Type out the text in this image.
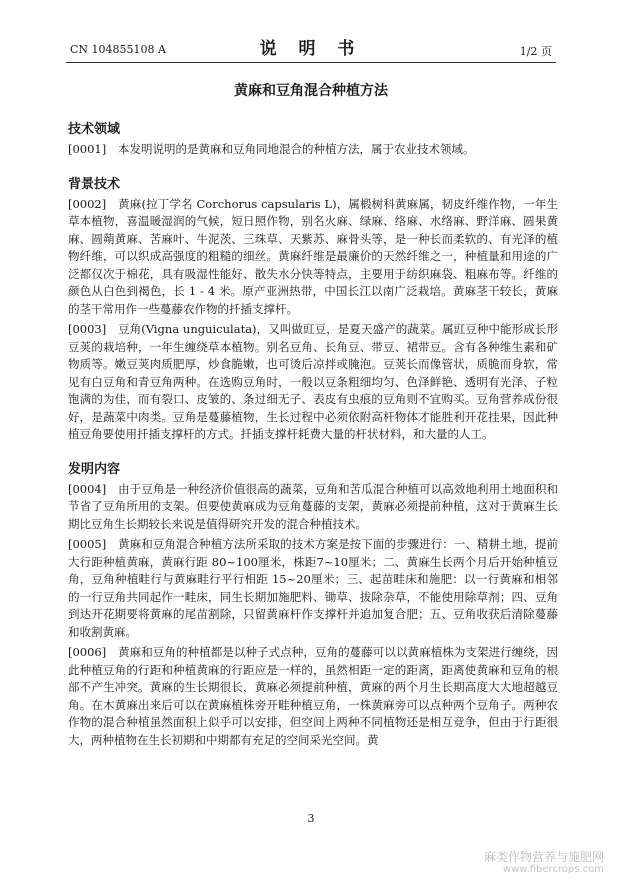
CN 104855108 A	说 明 书	1/2 页
黄麻和豆角混合种植方法
技术领域

[0001] 本发明说明的是黄麻和豆角同地混合的种植方法，属于农业技术领域。

背景技术

[0002] 黄麻(拉丁学名 Corchorus capsularis L)，属椴树科黄麻属，韧皮纤维作物，一年生草本植物，喜温暖湿润的气候，短日照作物，别名火麻、绿麻、络麻、水络麻、野洋麻、圆果黄麻、圆蒴黄麻、苦麻叶、牛泥茨、三珠草、天紫苏、麻骨头等，是一种长而柔软的、有光泽的植物纤维，可以织成高强度的粗糙的细丝。黄麻纤维是最廉价的天然纤维之一，种植量和用途的广泛都仅次于棉花，具有吸湿性能好、散失水分快等特点，主要用于纺织麻袋、粗麻布等。纤维的颜色从白色到褐色，长 1 - 4 米。原产亚洲热带，中国长江以南广泛栽培。黄麻茎干较长，黄麻的茎干常用作一些蔓藤农作物的扦插支撑杆。

[0003] 豆角(Vigna unguiculata)，又叫做豇豆，是夏天盛产的蔬菜。属豇豆种中能形成长形豆荚的栽培种，一年生缠绕草本植物。别名豆角、长角豆、带豆、裙带豆。含有各种维生素和矿物质等。嫩豆荚肉质肥厚，炒食脆嫩，也可烫后凉拌或腌泡。豆荚长而像管状，质脆而身软，常见有白豆角和青豆角两种。在选购豆角时，一般以豆条粗细均匀、色泽鲜艳、透明有光泽、子粒饱满的为佳，而有裂口、皮皱的、条过细无子、表皮有虫痕的豆角则不宜购买。豆角营养成份很好，是蔬菜中肉类。豆角是蔓藤植物，生长过程中必须依附高杆物体才能胜利开花挂果，因此种植豆角要使用扦插支撑杆的方式。扦插支撑杆耗费大量的杆状材料，和大量的人工。

发明内容

[0004] 由于豆角是一种经济价值很高的蔬菜，豆角和苦瓜混合种植可以高效地利用土地面积和节省了豆角所用的支架。但要使黄麻成为豆角蔓藤的支架，黄麻必须提前种植，这对于黄麻生长期比豆角生长期较长来说是值得研究开发的混合种植技术。

[0005] 黄麻和豆角混合种植方法所采取的技术方案是按下面的步骤进行：一、精耕土地，提前大行距种植黄麻，黄麻行距 80~100厘米，株距7~10厘米；二、黄麻生长两个月后开始种植豆角，豆角种植畦行与黄麻畦行平行相距 15~20厘米；三、起苗畦床和施肥：以一行黄麻和相邻的一行豆角共同起作一畦床，同生长期加施肥料、锄草、拔除杂草，不能使用除草剂；四、豆角到达开花期要将黄麻的尾苗割除，只留黄麻杆作支撑杆并追加复合肥；五、豆角收获后清除蔓藤和收割黄麻。

[0006] 黄麻和豆角的种植都是以种子式点种，豆角的蔓藤可以以黄麻植株为支架进行缠绕，因此种植豆角的行距和种植黄麻的行距应是一样的，虽然相距一定的距离，距离使黄麻和豆角的根部不产生冲突。黄麻的生长期很长，黄麻必须提前种植，黄麻的两个月生长期高度大大地超越豆角。在木黄麻出来后可以在黄麻植株旁开畦种植豆角，一株黄麻旁可以点种两个豆角子。两种农作物的混合种植虽然面积上似乎可以安排，但空间上两种不同植物还是相互竞争，但由于行距很大，两种植物在生长初期和中期都有充足的空间采光空间。黄

3
麻类作物营养与施肥网
www.fibercrops.com
